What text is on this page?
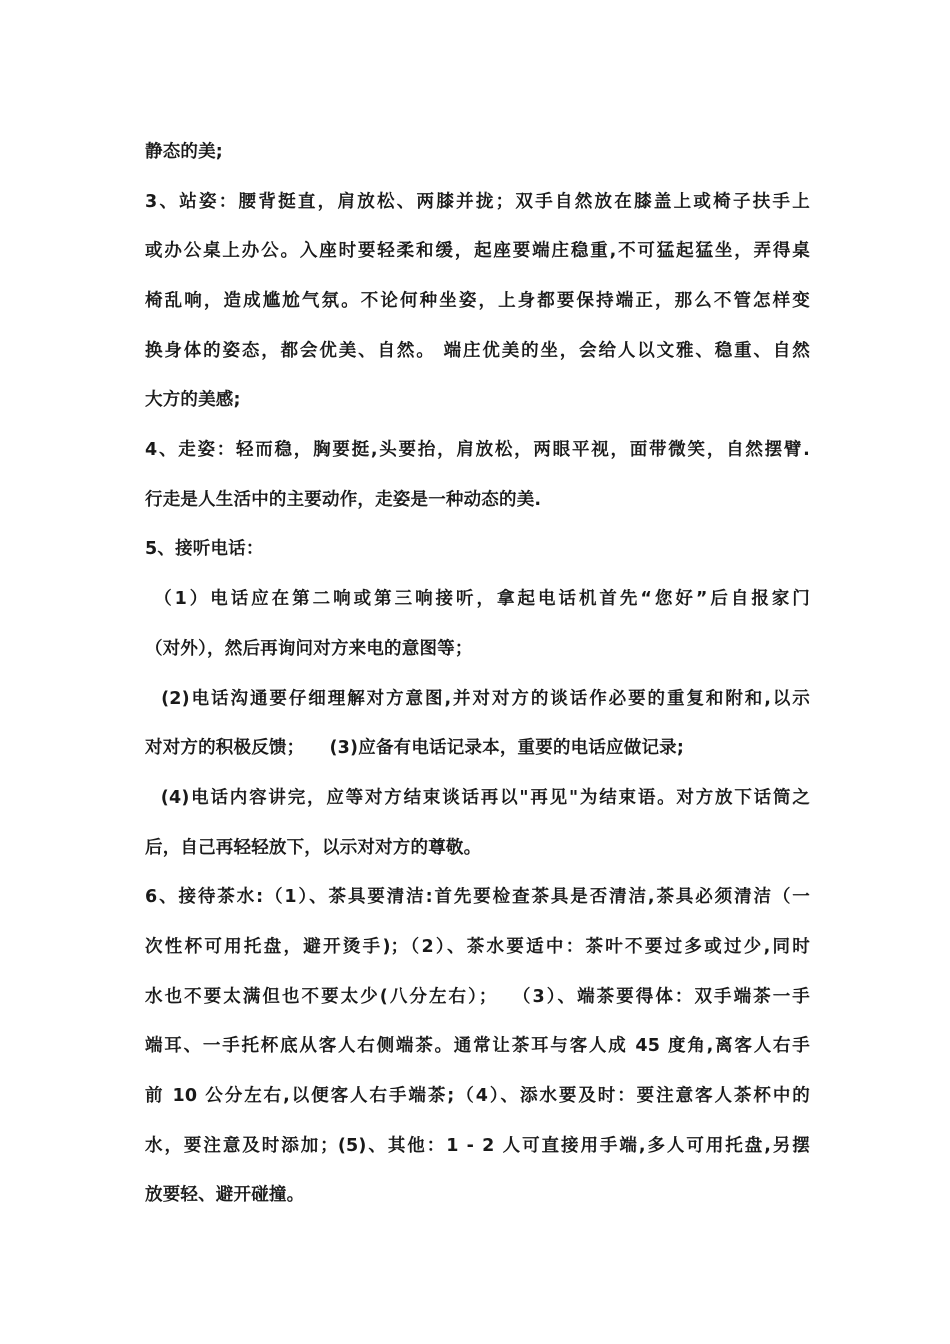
静态的美;
3、站姿：腰背挺直，肩放松、两膝并拢；双手自然放在膝盖上或椅子扶手上
或办公桌上办公。入座时要轻柔和缓，起座要端庄稳重,不可猛起猛坐，弄得桌
椅乱响，造成尴尬气氛。不论何种坐姿，上身都要保持端正，那么不管怎样变
换身体的姿态，都会优美、自然。 端庄优美的坐，会给人以文雅、稳重、自然
大方的美感;
4、走姿：轻而稳，胸要挺,头要抬，肩放松，两眼平视，面带微笑，自然摆臂.
行走是人生活中的主要动作，走姿是一种动态的美.
5、接听电话：
（1）电话应在第二响或第三响接听，拿起电话机首先“您好”后自报家门
（对外），然后再询问对方来电的意图等；
(2)电话沟通要仔细理解对方意图,并对对方的谈话作必要的重复和附和,以示
对对方的积极反馈；    (3)应备有电话记录本，重要的电话应做记录;
(4)电话内容讲完，应等对方结束谈话再以"再见"为结束语。对方放下话筒之
后，自己再轻轻放下，以示对对方的尊敬。
6、接待茶水:（1）、茶具要清洁:首先要检查茶具是否清洁,茶具必须清洁（一
次性杯可用托盘，避开烫手)；（2）、茶水要适中：茶叶不要过多或过少,同时
水也不要太满但也不要太少(八分左右）；  （3）、端茶要得体：双手端茶一手
端耳、一手托杯底从客人右侧端茶。通常让茶耳与客人成 45 度角,离客人右手
前 10 公分左右,以便客人右手端茶;（4）、添水要及时：要注意客人茶杯中的
水，要注意及时添加；(5)、其他：1 - 2 人可直接用手端,多人可用托盘,另摆
放要轻、避开碰撞。
